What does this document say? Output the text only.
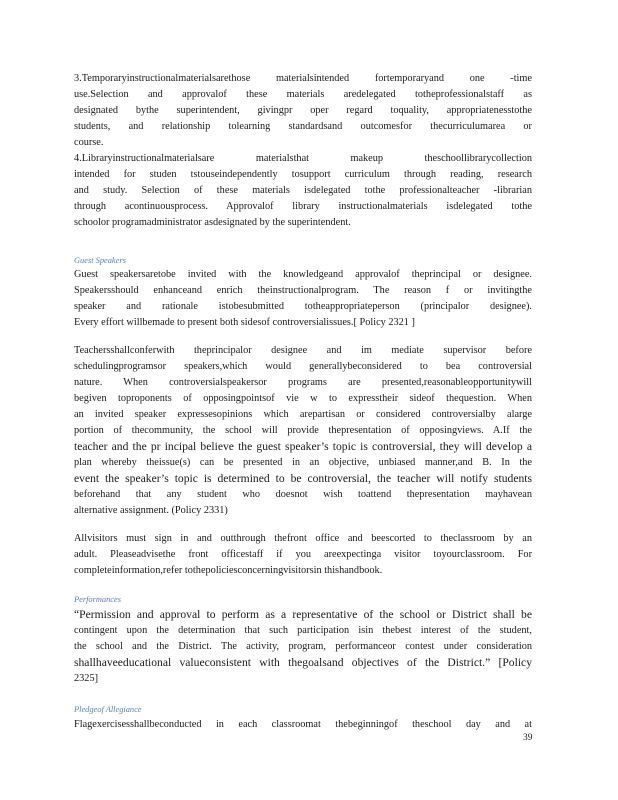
3.Temporaryinstructionalmaterialsarethose materialsintended fortemporaryand one -time
use.Selection and approvalof these materials aredelegated totheprofessionalstaff as
designated bythe superintendent, givingpr oper regard toquality, appropriatenesstothe
students, and relationship tolearning standardsand outcomesfor thecurriculumarea or
course.
4.Libraryinstructionalmaterialsare materialsthat makeup theschoollibrarycollection
intended for studen tstouseindependently tosupport curriculum through reading, research
and study. Selection of these materials isdelegated tothe professionalteacher -librarian
through acontinuousprocess. Approvalof library instructionalmaterials isdelegated tothe
schoolor programadministrator asdesignated by the superintendent.
Guest Speakers
Guest speakersaretobe invited with the knowledgeand approvalof theprincipal or designee.
Speakersshould enhanceand enrich theinstructionalprogram. The reason f or invitingthe
speaker and rationale istobesubmitted totheappropriateperson (principalor designee).
Every effort willbemade to present both sidesof controversialissues.[ Policy 2321 ]
Teachersshallconferwith theprincipalor designee and im mediate supervisor before
schedulingprogramsor speakers,which would generallybeconsidered to bea controversial
nature. When controversialspeakersor programs are presented,reasonableopportunitywill
begiven toproponents of opposingpointsof vie w to expresstheir sideof thequestion. When
an invited speaker expressesopinions which arepartisan or considered controversialby alarge
portion of thecommunity, the school will provide thepresentation of opposingviews. A.If the
teacher and the pr incipal believe the guest speaker’s topic is controversial, they will develop a
plan whereby theissue(s) can be presented in an objective, unbiased manner,and B. In the
event the speaker’s topic is determined to be controversial, the teacher will notify students
beforehand that any student who doesnot wish toattend thepresentation mayhavean
alternative assignment. (Policy 2331)
Allvisitors must sign in and outthrough thefront office and beescorted to theclassroom by an
adult. Pleaseadvisethe front officestaff if you areexpectinga visitor toyourclassroom. For
completeinformation,refer tothepoliciesconcerningvisitorsin thishandbook.
Performances
“Permission and approval to perform as a representative of the school or District shall be
contingent upon the determination that such participation isin thebest interest of the student,
the school and the District. The activity, program, performanceor contest under consideration
shallhaveeducational valueconsistent with thegoalsand objectives of the District.” [Policy
2325]
Pledgeof Allegiance
Flagexercisesshallbeconducted in each classroomat thebeginningof theschool day and at
39
